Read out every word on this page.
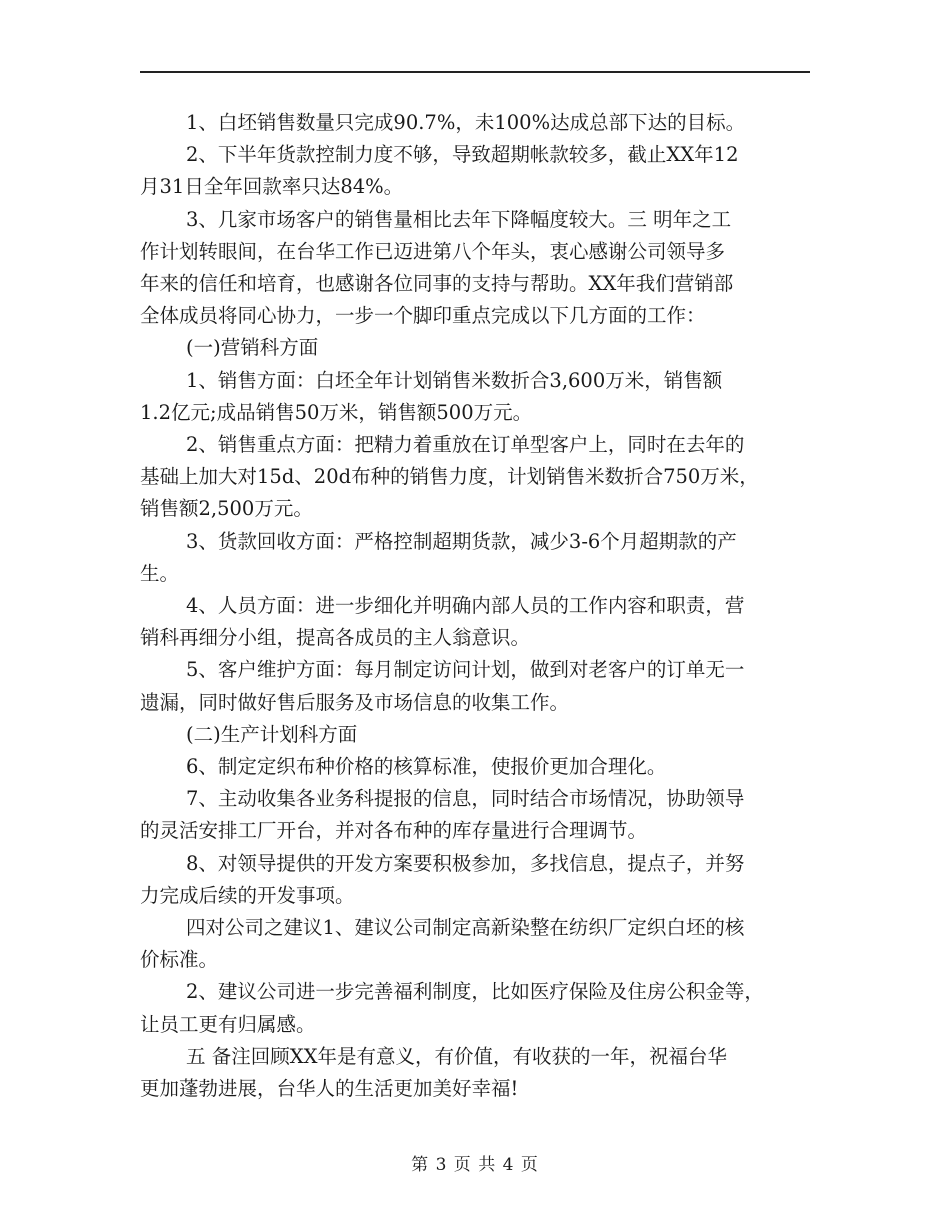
1、白坯销售数量只完成90.7%，未100%达成总部下达的目标。

2、下半年货款控制力度不够，导致超期帐款较多，截止XX年12

月31日全年回款率只达84%。

3、几家市场客户的销售量相比去年下降幅度较大。三 明年之工

作计划转眼间，在台华工作已迈进第八个年头，衷心感谢公司领导多

年来的信任和培育，也感谢各位同事的支持与帮助。XX年我们营销部

全体成员将同心协力，一步一个脚印重点完成以下几方面的工作：

(一)营销科方面

1、销售方面：白坯全年计划销售米数折合3,600万米，销售额

1.2亿元;成品销售50万米，销售额500万元。

2、销售重点方面：把精力着重放在订单型客户上，同时在去年的

基础上加大对15d、20d布种的销售力度，计划销售米数折合750万米，

销售额2,500万元。

3、货款回收方面：严格控制超期货款，减少3-6个月超期款的产

生。

4、人员方面：进一步细化并明确内部人员的工作内容和职责，营

销科再细分小组，提高各成员的主人翁意识。

5、客户维护方面：每月制定访问计划，做到对老客户的订单无一

遗漏，同时做好售后服务及市场信息的收集工作。

(二)生产计划科方面

6、制定定织布种价格的核算标准，使报价更加合理化。

7、主动收集各业务科提报的信息，同时结合市场情况，协助领导

的灵活安排工厂开台，并对各布种的库存量进行合理调节。

8、对领导提供的开发方案要积极参加，多找信息，提点子，并努

力完成后续的开发事项。

四对公司之建议1、建议公司制定高新染整在纺织厂定织白坯的核

价标准。

2、建议公司进一步完善福利制度，比如医疗保险及住房公积金等，

让员工更有归属感。

五 备注回顾XX年是有意义，有价值，有收获的一年，祝福台华

更加蓬勃进展，台华人的生活更加美好幸福!

第 3 页 共 4 页
